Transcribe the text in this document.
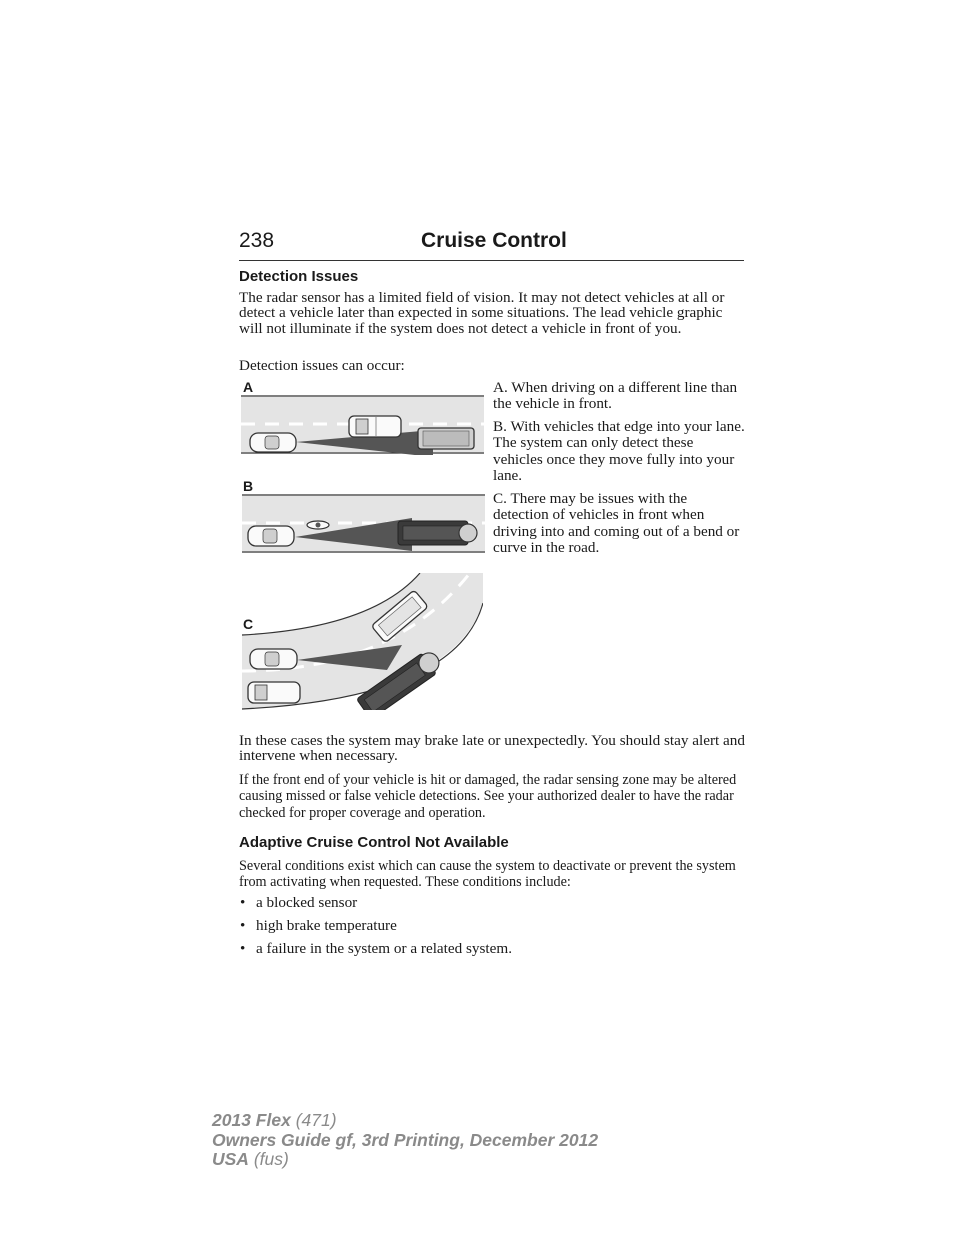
238	Cruise Control
Detection Issues
The radar sensor has a limited field of vision. It may not detect vehicles at all or detect a vehicle later than expected in some situations. The lead vehicle graphic will not illuminate if the system does not detect a vehicle in front of you.
Detection issues can occur:
A
B
C
A. When driving on a different line than the vehicle in front.
B. With vehicles that edge into your lane. The system can only detect these vehicles once they move fully into your lane.
C. There may be issues with the detection of vehicles in front when driving into and coming out of a bend or curve in the road.
In these cases the system may brake late or unexpectedly. You should stay alert and intervene when necessary.
If the front end of your vehicle is hit or damaged, the radar sensing zone may be altered causing missed or false vehicle detections. See your authorized dealer to have the radar checked for proper coverage and operation.
Adaptive Cruise Control Not Available
Several conditions exist which can cause the system to deactivate or prevent the system from activating when requested. These conditions include:
• a blocked sensor
• high brake temperature
• a failure in the system or a related system.
2013 Flex (471)
Owners Guide gf, 3rd Printing, December 2012
USA (fus)
